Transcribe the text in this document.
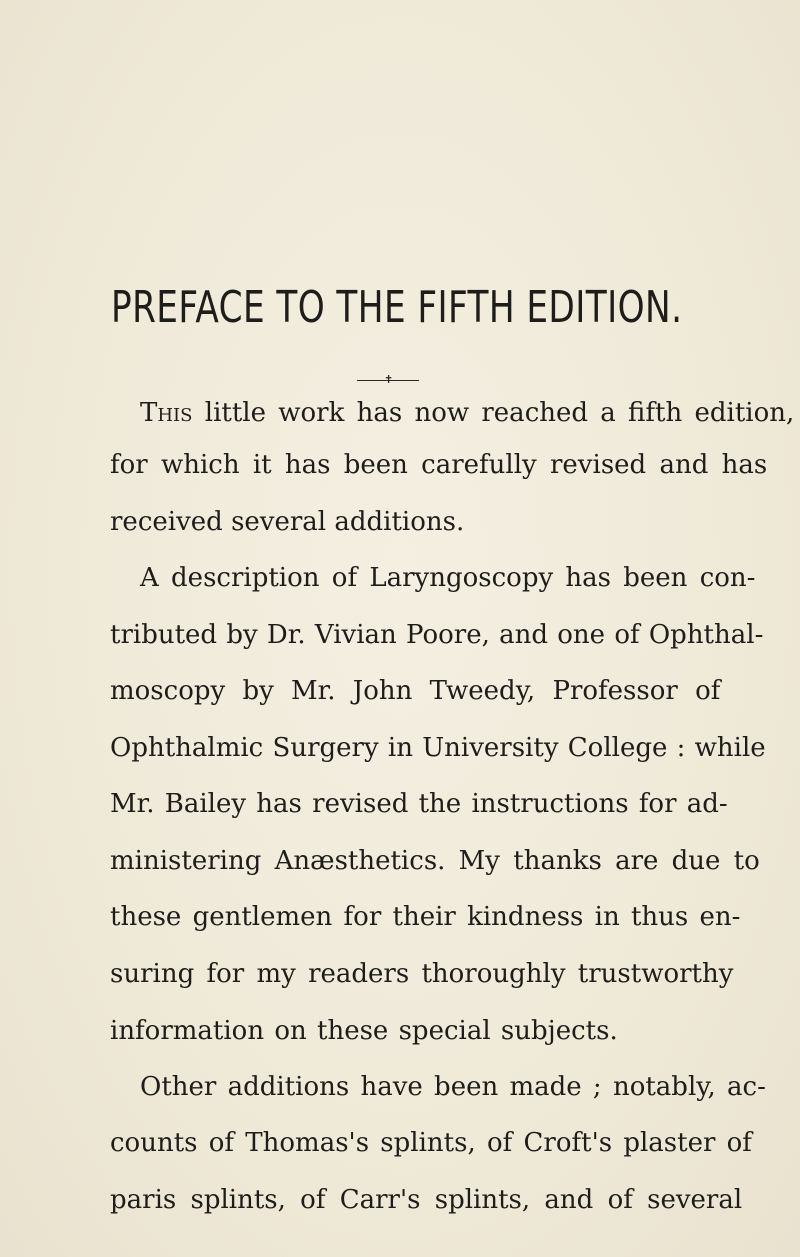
PREFACE TO THE FIFTH EDITION.
✝
This little work has now reached a fifth edition,
for which it has been carefully revised and has
received several additions.
A description of Laryngoscopy has been con-
tributed by Dr. Vivian Poore, and one of Ophthal-
moscopy by Mr. John Tweedy, Professor of
Ophthalmic Surgery in University College : while
Mr. Bailey has revised the instructions for ad-
ministering Anæsthetics. My thanks are due to
these gentlemen for their kindness in thus en-
suring for my readers thoroughly trustworthy
information on these special subjects.
Other additions have been made ; notably, ac-
counts of Thomas's splints, of Croft's plaster of
paris splints, of Carr's splints, and of several
